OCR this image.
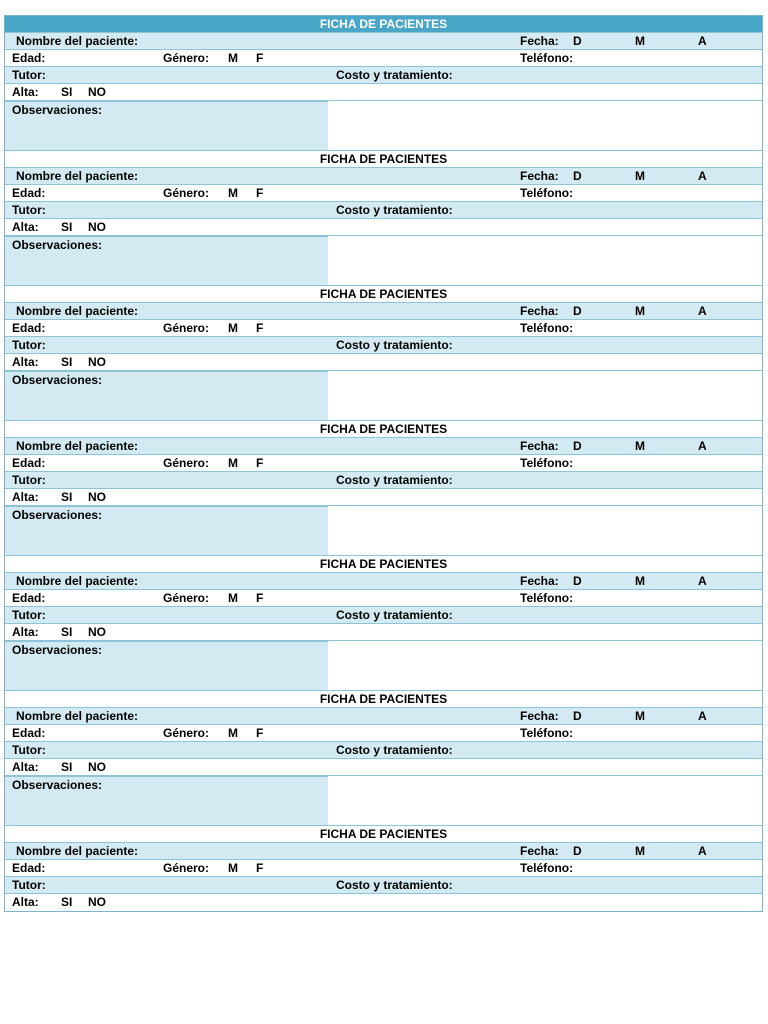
FICHA DE PACIENTES
Nombre del paciente:	Fecha: D	M	A
Edad:	Género: M F	Teléfono:
Tutor:	Costo y tratamiento:
Alta: SI NO
Observaciones:
FICHA DE PACIENTES
Nombre del paciente:	Fecha: D	M	A
Edad:	Género: M F	Teléfono:
Tutor:	Costo y tratamiento:
Alta: SI NO
Observaciones:
FICHA DE PACIENTES
Nombre del paciente:	Fecha: D	M	A
Edad:	Género: M F	Teléfono:
Tutor:	Costo y tratamiento:
Alta: SI NO
Observaciones:
FICHA DE PACIENTES
Nombre del paciente:	Fecha: D	M	A
Edad:	Género: M F	Teléfono:
Tutor:	Costo y tratamiento:
Alta: SI NO
Observaciones:
FICHA DE PACIENTES
Nombre del paciente:	Fecha: D	M	A
Edad:	Género: M F	Teléfono:
Tutor:	Costo y tratamiento:
Alta: SI NO
Observaciones:
FICHA DE PACIENTES
Nombre del paciente:	Fecha: D	M	A
Edad:	Género: M F	Teléfono:
Tutor:	Costo y tratamiento:
Alta: SI NO
Observaciones:
FICHA DE PACIENTES
Nombre del paciente:	Fecha: D	M	A
Edad:	Género: M F	Teléfono:
Tutor:	Costo y tratamiento:
Alta: SI NO
